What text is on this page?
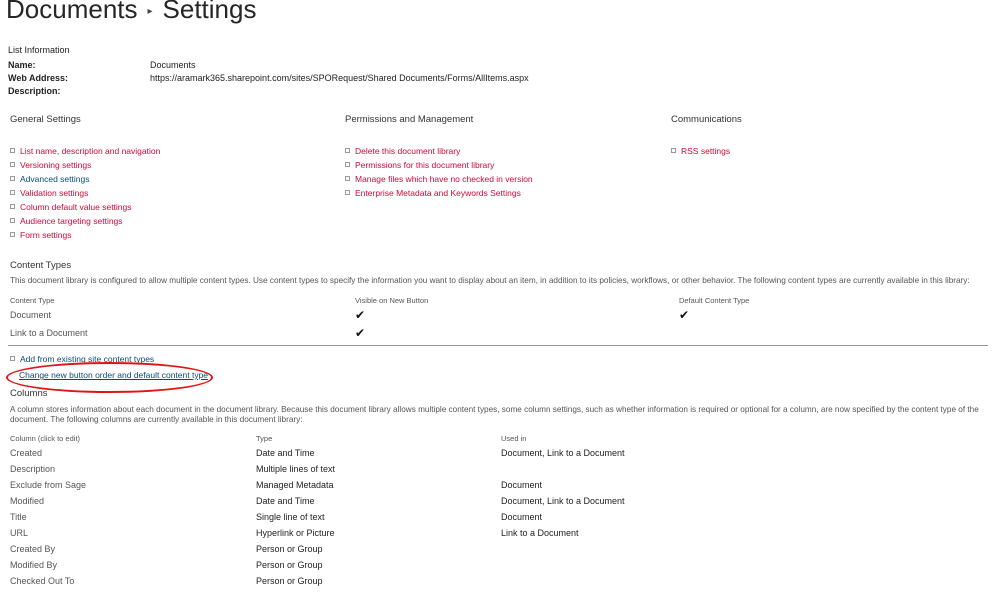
Documents ▸ Settings
List Information
Name:	Documents
Web Address:	https://aramark365.sharepoint.com/sites/SPORequest/Shared Documents/Forms/AllItems.aspx
Description:
General Settings	Permissions and Management	Communications
List name, description and navigation
Versioning settings
Advanced settings
Validation settings
Column default value settings
Audience targeting settings
Form settings
Delete this document library
Permissions for this document library
Manage files which have no checked in version
Enterprise Metadata and Keywords Settings
RSS settings
Content Types
This document library is configured to allow multiple content types. Use content types to specify the information you want to display about an item, in addition to its policies, workflows, or other behavior. The following content types are currently available in this library:
Content Type	Visible on New Button	Default Content Type
Document	✔	✔
Link to a Document	✔
Add from existing site content types
Change new button order and default content type
Columns
A column stores information about each document in the document library. Because this document library allows multiple content types, some column settings, such as whether information is required or optional for a column, are now specified by the content type of the document. The following columns are currently available in this document library:
Column (click to edit)	Type	Used in
Created	Date and Time	Document, Link to a Document
Description	Multiple lines of text
Exclude from Sage	Managed Metadata	Document
Modified	Date and Time	Document, Link to a Document
Title	Single line of text	Document
URL	Hyperlink or Picture	Link to a Document
Created By	Person or Group
Modified By	Person or Group
Checked Out To	Person or Group
